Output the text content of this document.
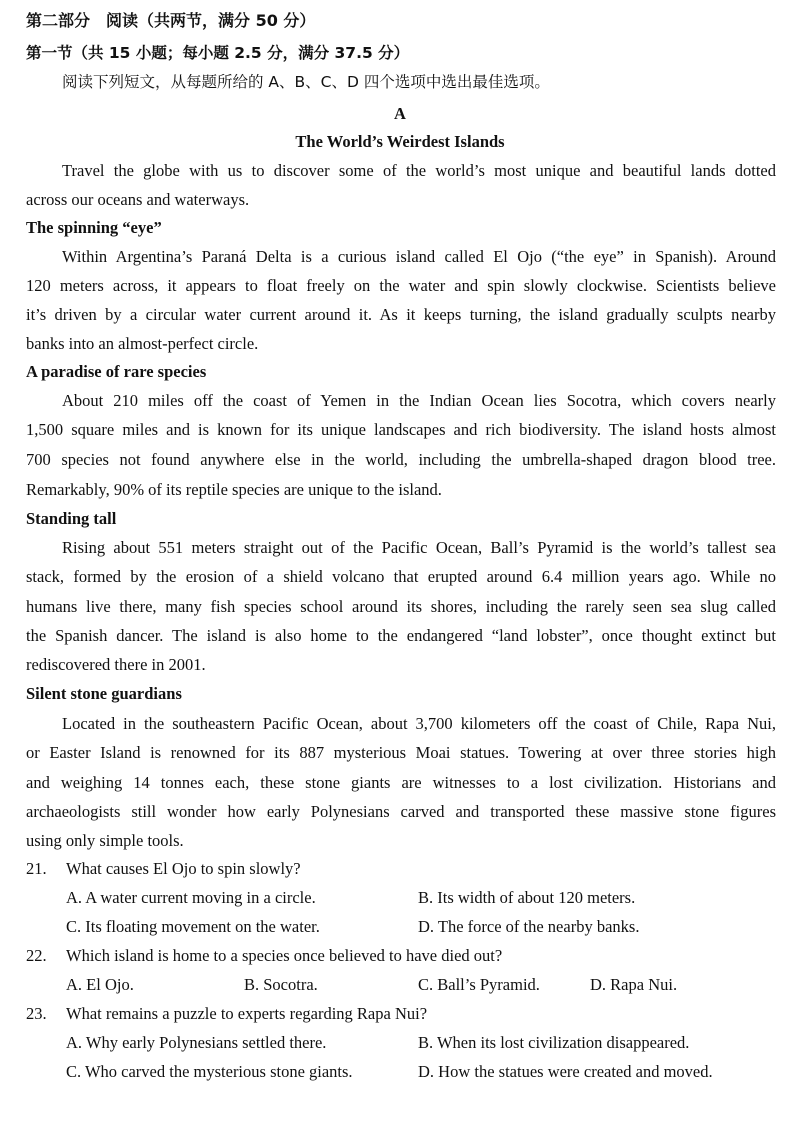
第二部分　阅读（共两节，满分 50 分）
第一节（共 15 小题；每小题 2.5 分，满分 37.5 分）
阅读下列短文，从每题所给的 A、B、C、D 四个选项中选出最佳选项。
A
The World’s Weirdest Islands
Travel the globe with us to discover some of the world’s most unique and beautiful lands dotted
across our oceans and waterways.
The spinning “eye”
Within Argentina’s Paraná Delta is a curious island called El Ojo (“the eye” in Spanish). Around
120 meters across, it appears to float freely on the water and spin slowly clockwise. Scientists believe
it’s driven by a circular water current around it. As it keeps turning, the island gradually sculpts nearby
banks into an almost-perfect circle.
A paradise of rare species
About 210 miles off the coast of Yemen in the Indian Ocean lies Socotra, which covers nearly
1,500 square miles and is known for its unique landscapes and rich biodiversity. The island hosts almost
700 species not found anywhere else in the world, including the umbrella-shaped dragon blood tree.
Remarkably, 90% of its reptile species are unique to the island.
Standing tall
Rising about 551 meters straight out of the Pacific Ocean, Ball’s Pyramid is the world’s tallest sea
stack, formed by the erosion of a shield volcano that erupted around 6.4 million years ago. While no
humans live there, many fish species school around its shores, including the rarely seen sea slug called
the Spanish dancer. The island is also home to the endangered “land lobster”, once thought extinct but
rediscovered there in 2001.
Silent stone guardians
Located in the southeastern Pacific Ocean, about 3,700 kilometers off the coast of Chile, Rapa Nui,
or Easter Island is renowned for its 887 mysterious Moai statues. Towering at over three stories high
and weighing 14 tonnes each, these stone giants are witnesses to a lost civilization. Historians and
archaeologists still wonder how early Polynesians carved and transported these massive stone figures
using only simple tools.
21. What causes El Ojo to spin slowly?
A. A water current moving in a circle.	B. Its width of about 120 meters.
C. Its floating movement on the water.	D. The force of the nearby banks.
22. Which island is home to a species once believed to have died out?
A. El Ojo.	B. Socotra.	C. Ball’s Pyramid.	D. Rapa Nui.
23. What remains a puzzle to experts regarding Rapa Nui?
A. Why early Polynesians settled there.	B. When its lost civilization disappeared.
C. Who carved the mysterious stone giants.	D. How the statues were created and moved.
